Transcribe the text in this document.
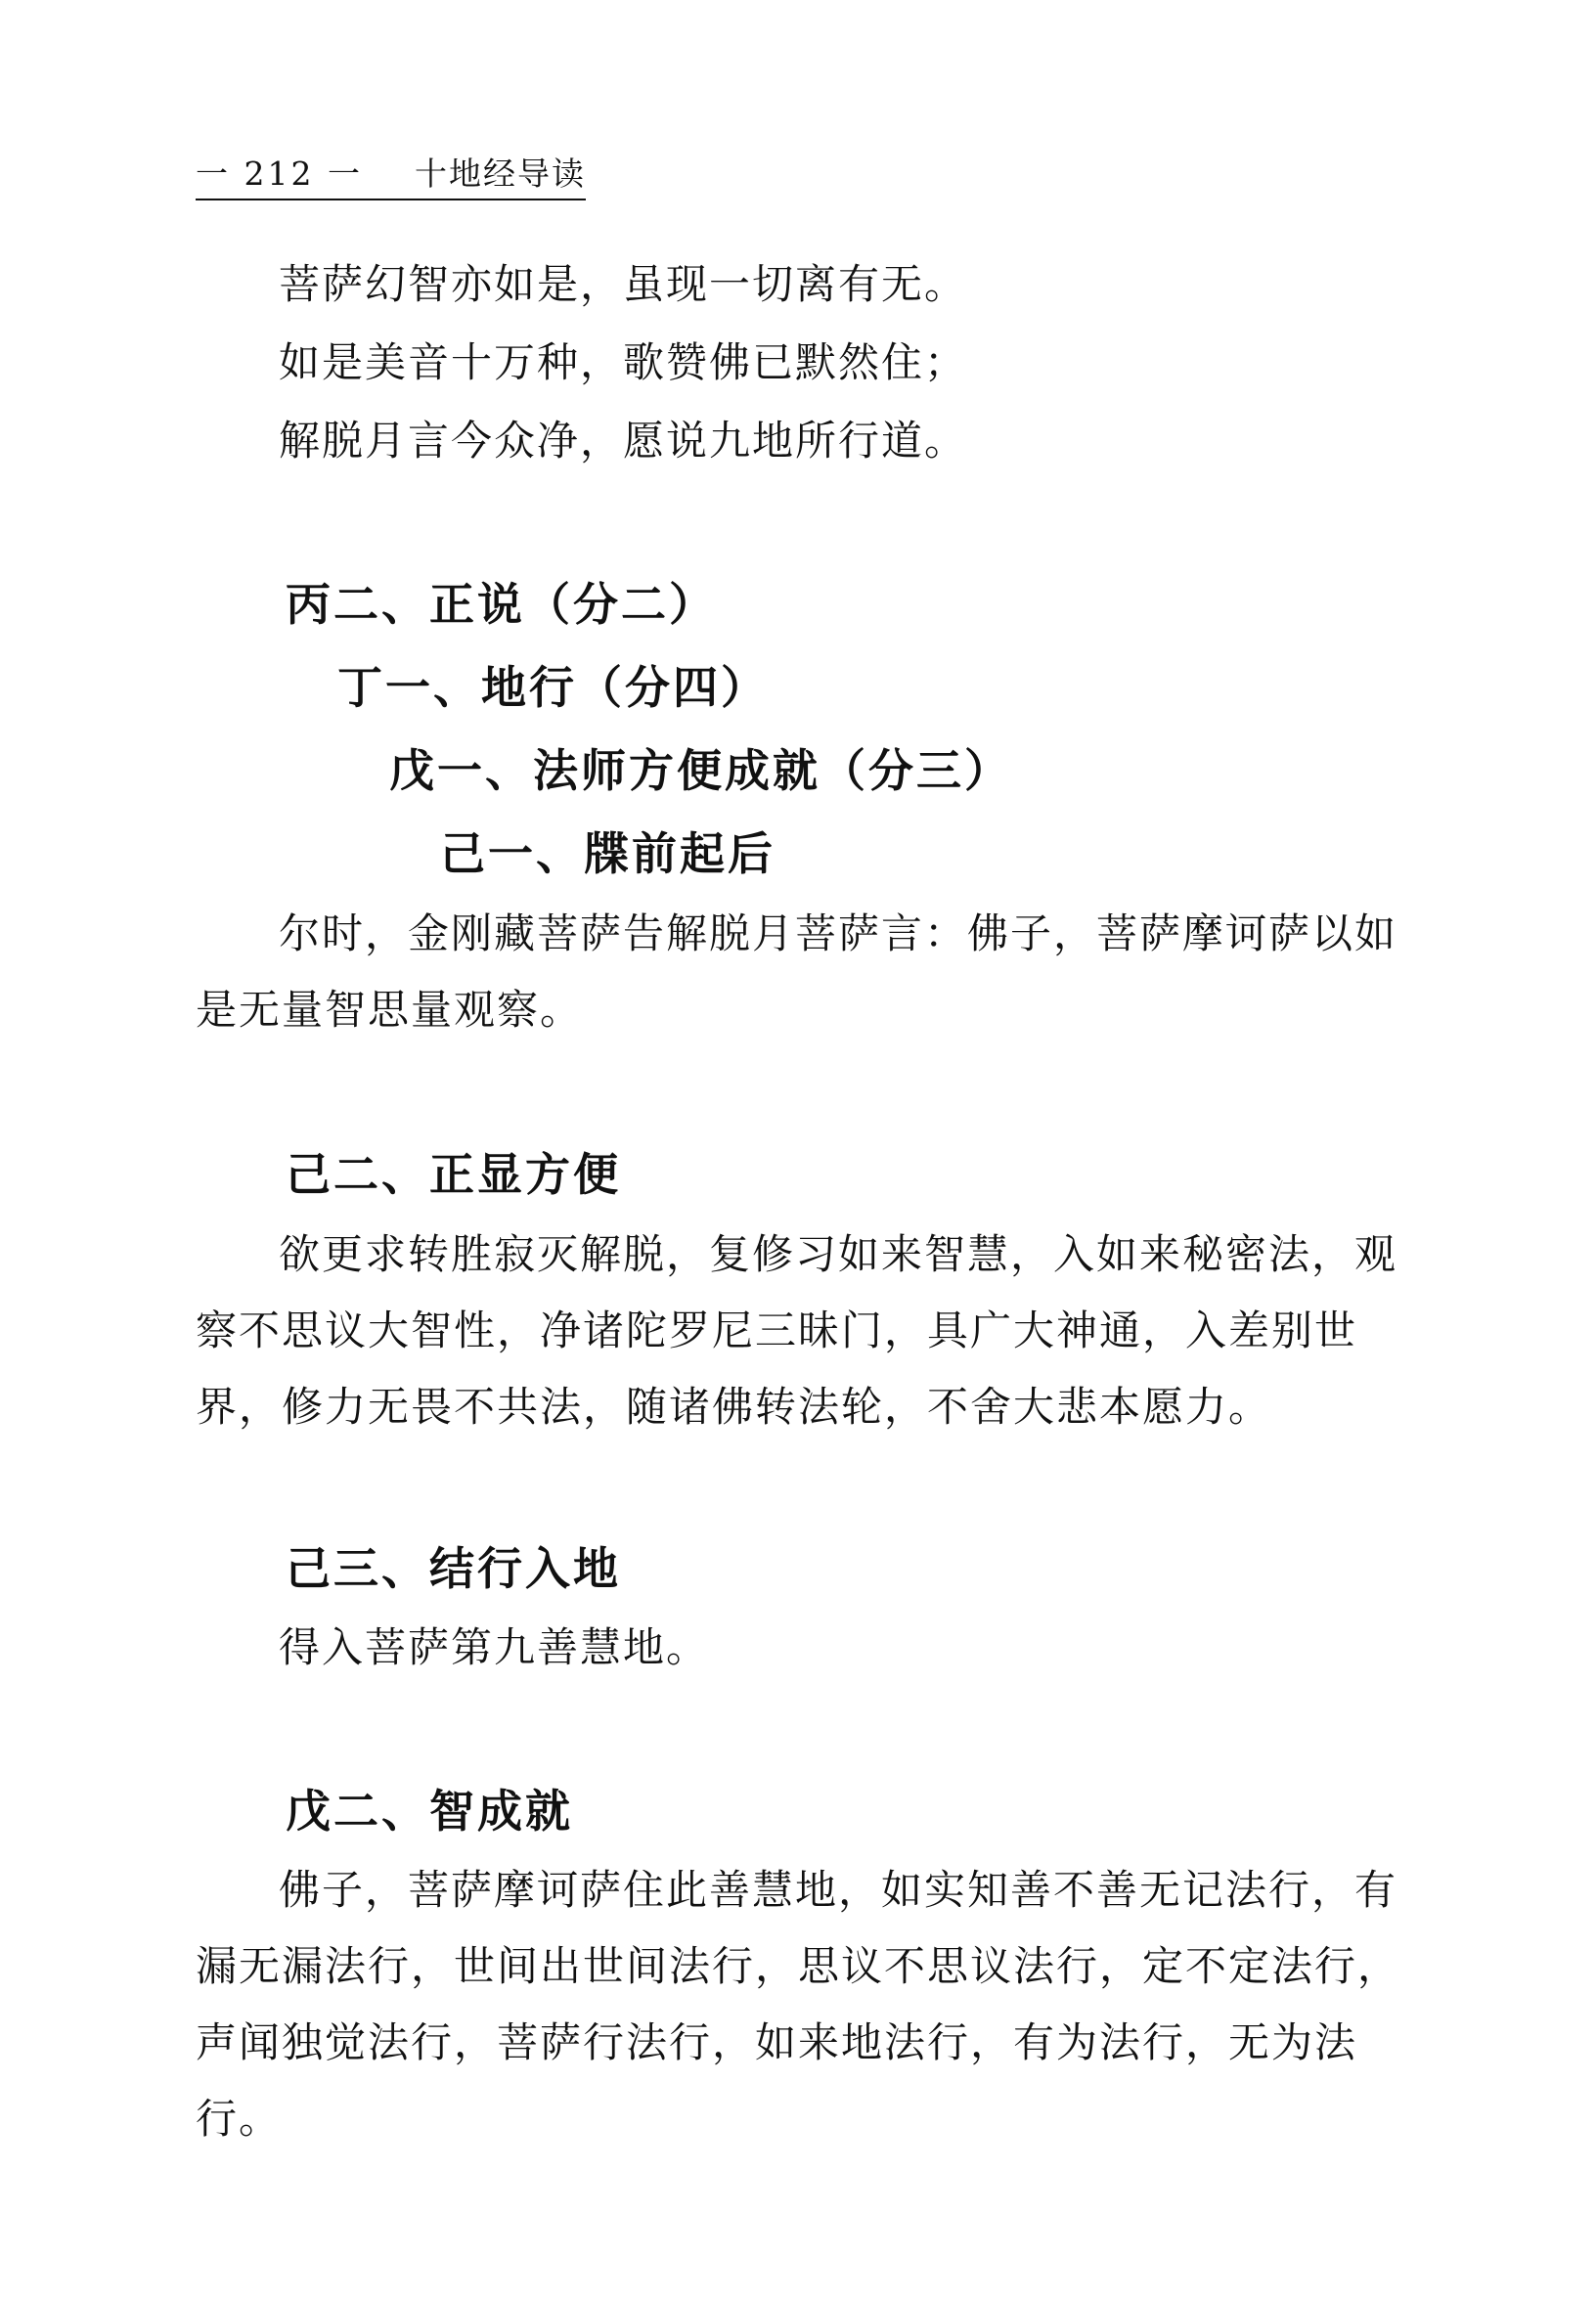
一 212 一 十地经导读
菩萨幻智亦如是，虽现一切离有无。
如是美音十万种，歌赞佛已默然住；
解脱月言今众净，愿说九地所行道。
丙二、正说（分二）
丁一、地行（分四）
戊一、法师方便成就（分三）
己一、牒前起后
尔时，金刚藏菩萨告解脱月菩萨言：佛子，菩萨摩诃萨以如
是无量智思量观察。
己二、正显方便
欲更求转胜寂灭解脱，复修习如来智慧，入如来秘密法，观
察不思议大智性，净诸陀罗尼三昧门，具广大神通，入差别世
界，修力无畏不共法，随诸佛转法轮，不舍大悲本愿力。
己三、结行入地
得入菩萨第九善慧地。
戊二、智成就
佛子，菩萨摩诃萨住此善慧地，如实知善不善无记法行，有
漏无漏法行，世间出世间法行，思议不思议法行，定不定法行，
声闻独觉法行，菩萨行法行，如来地法行，有为法行，无为法
行。
